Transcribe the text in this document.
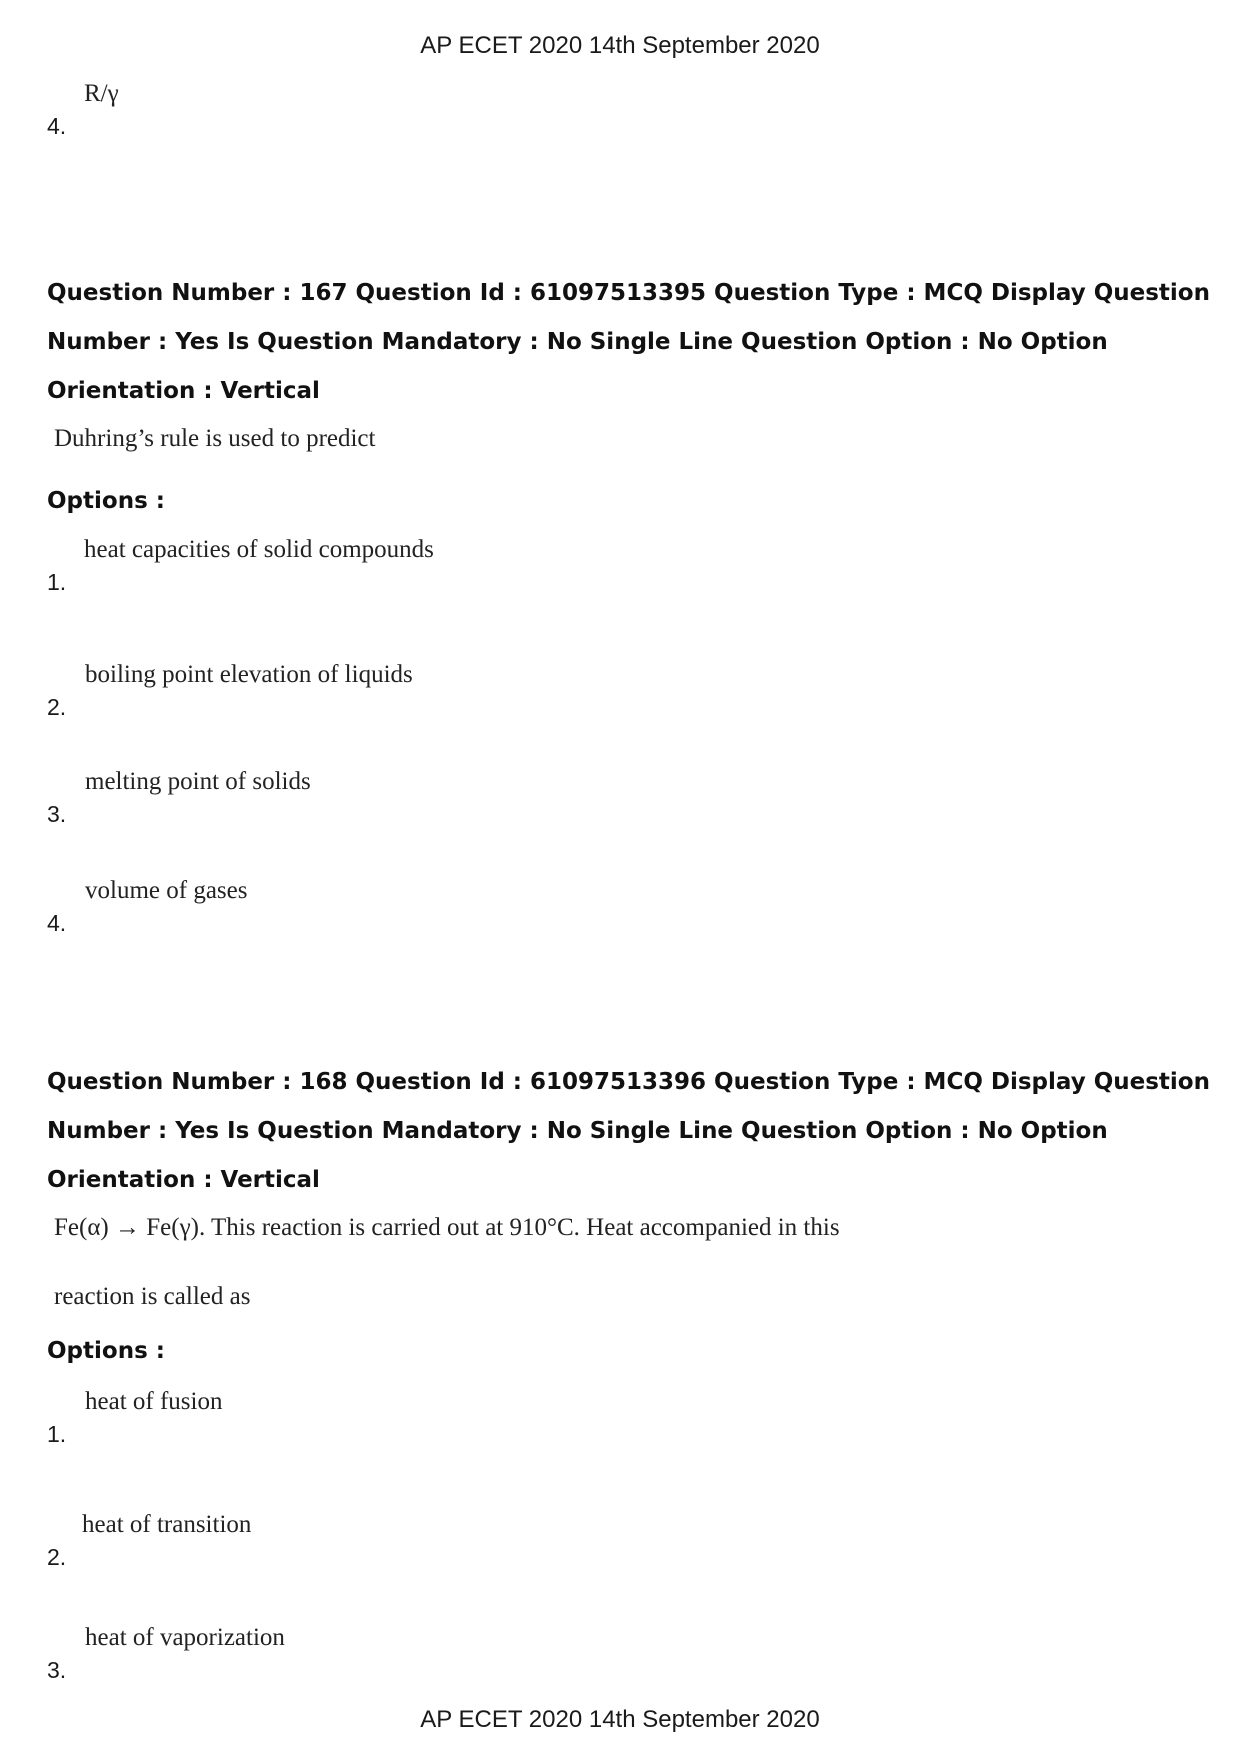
AP ECET 2020 14th September 2020
4.
R/γ
Question Number : 167 Question Id : 61097513395 Question Type : MCQ Display Question
Number : Yes Is Question Mandatory : No Single Line Question Option : No Option
Orientation : Vertical
Duhring’s rule is used to predict
Options :
1.
heat capacities of solid compounds
2.
boiling point elevation of liquids
3.
melting point of solids
4.
volume of gases
Question Number : 168 Question Id : 61097513396 Question Type : MCQ Display Question
Number : Yes Is Question Mandatory : No Single Line Question Option : No Option
Orientation : Vertical
Fe(α) → Fe(γ). This reaction is carried out at 910°C. Heat accompanied in this
reaction is called as
Options :
1.
heat of fusion
2.
heat of transition
3.
heat of vaporization
AP ECET 2020 14th September 2020
